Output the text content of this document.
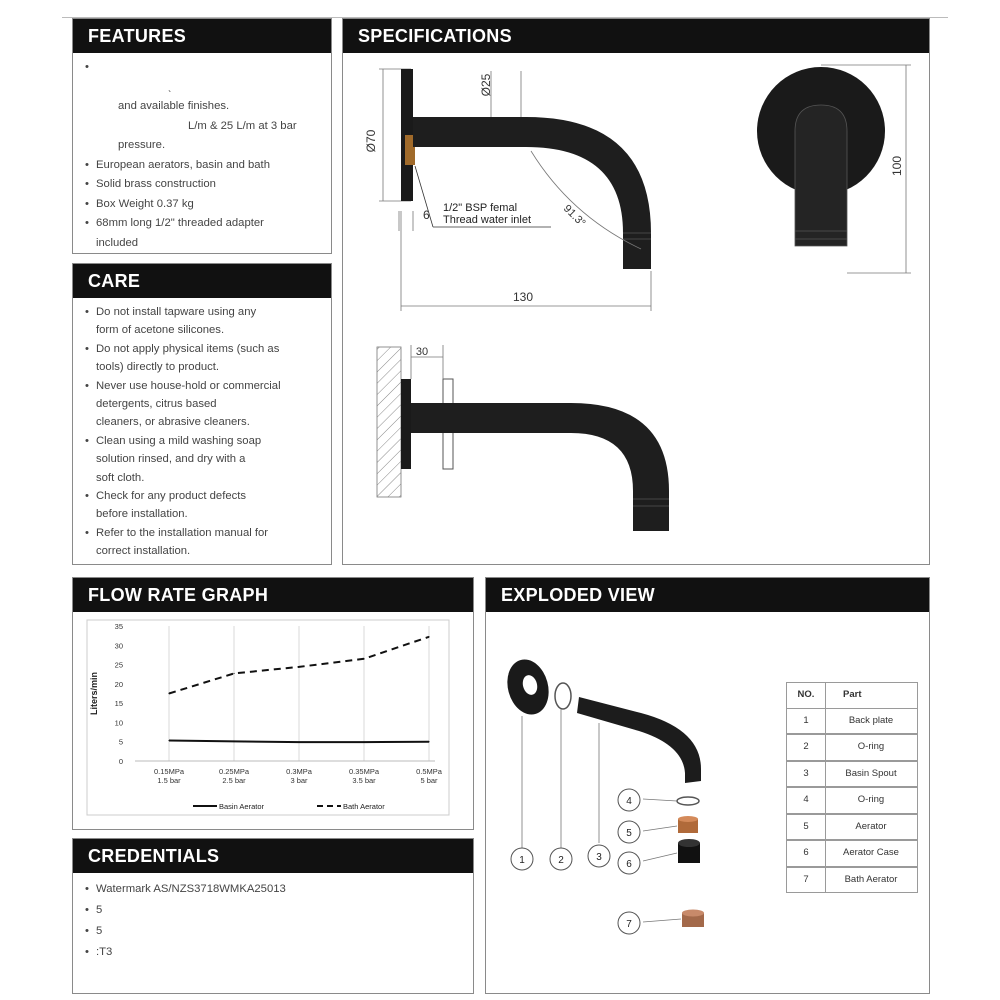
FEATURES
•
ˎ
and available finishes.
L/m & 25 L/m at 3 bar
pressure.
• European aerators, basin and bath
• Solid brass construction
• Box Weight 0.37 kg
• 68mm long 1/2" threaded adapter
included
CARE
• Do not install tapware using any
form of acetone silicones.
• Do not apply physical items (such as
tools) directly to product.
• Never use house-hold or commercial
detergents, citrus based
cleaners, or abrasive cleaners.
• Clean using a mild washing soap
solution rinsed, and dry with a
soft cloth.
• Check for any product defects
before installation.
• Refer to the installation manual for
correct installation.
SPECIFICATIONS
Ø70
Ø25
6 1/2" BSP femal
Thread water inlet	91.3°
130
100
30
FLOW RATE GRAPH
0
5
10
15
20
25
30
35
0.15MPa
1.5 bar
0.25MPa
2.5 bar
0.3MPa
3 bar
0.35MPa
3.5 bar
0.5MPa
5 bar
Liters/min
Basin Aerator	Bath Aerator
CREDENTIALS
• Watermark AS/NZS3718WMKA25013
• 5
• 5
• :T3
EXPLODED VIEW
1	2	3
4
5
6
7
NO.	Part
1	Back plate
2	O-ring
3	Basin Spout
4	O-ring
5	Aerator
6	Aerator Case
7	Bath Aerator
